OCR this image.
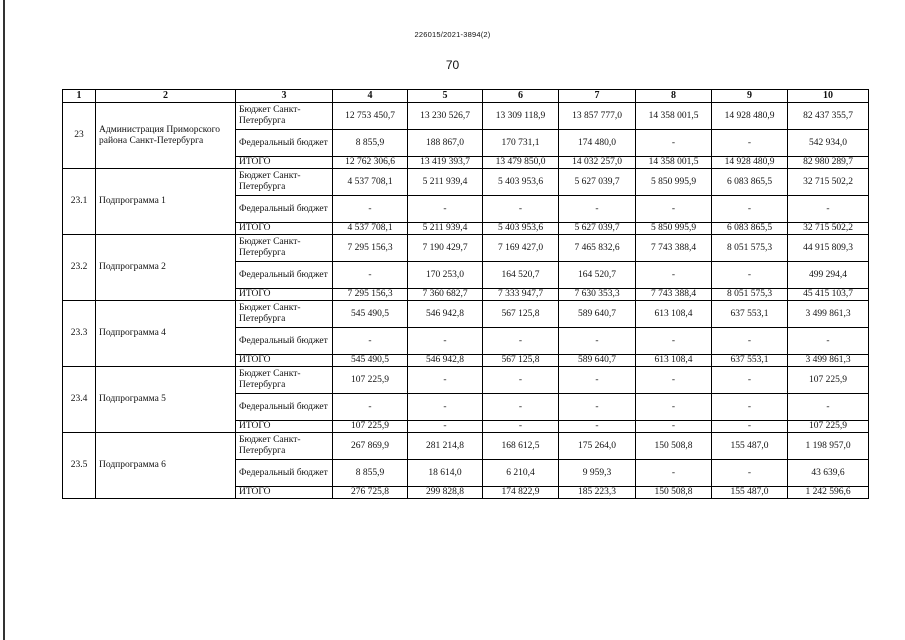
226015/2021-3894(2)
70
1	2	3	4	5	6	7	8	9	10
23	Администрация Приморского района Санкт-Петербурга	Бюджет Санкт-Петербурга	12 753 450,7	13 230 526,7	13 309 118,9	13 857 777,0	14 358 001,5	14 928 480,9	82 437 355,7
		Федеральный бюджет	8 855,9	188 867,0	170 731,1	174 480,0	-	-	542 934,0
		ИТОГО	12 762 306,6	13 419 393,7	13 479 850,0	14 032 257,0	14 358 001,5	14 928 480,9	82 980 289,7
23.1	Подпрограмма 1	Бюджет Санкт-Петербурга	4 537 708,1	5 211 939,4	5 403 953,6	5 627 039,7	5 850 995,9	6 083 865,5	32 715 502,2
		Федеральный бюджет	-	-	-	-	-	-	-
		ИТОГО	4 537 708,1	5 211 939,4	5 403 953,6	5 627 039,7	5 850 995,9	6 083 865,5	32 715 502,2
23.2	Подпрограмма 2	Бюджет Санкт-Петербурга	7 295 156,3	7 190 429,7	7 169 427,0	7 465 832,6	7 743 388,4	8 051 575,3	44 915 809,3
		Федеральный бюджет	-	170 253,0	164 520,7	164 520,7	-	-	499 294,4
		ИТОГО	7 295 156,3	7 360 682,7	7 333 947,7	7 630 353,3	7 743 388,4	8 051 575,3	45 415 103,7
23.3	Подпрограмма 4	Бюджет Санкт-Петербурга	545 490,5	546 942,8	567 125,8	589 640,7	613 108,4	637 553,1	3 499 861,3
		Федеральный бюджет	-	-	-	-	-	-	-
		ИТОГО	545 490,5	546 942,8	567 125,8	589 640,7	613 108,4	637 553,1	3 499 861,3
23.4	Подпрограмма 5	Бюджет Санкт-Петербурга	107 225,9	-	-	-	-	-	107 225,9
		Федеральный бюджет	-	-	-	-	-	-	-
		ИТОГО	107 225,9	-	-	-	-	-	107 225,9
23.5	Подпрограмма 6	Бюджет Санкт-Петербурга	267 869,9	281 214,8	168 612,5	175 264,0	150 508,8	155 487,0	1 198 957,0
		Федеральный бюджет	8 855,9	18 614,0	6 210,4	9 959,3	-	-	43 639,6
		ИТОГО	276 725,8	299 828,8	174 822,9	185 223,3	150 508,8	155 487,0	1 242 596,6
